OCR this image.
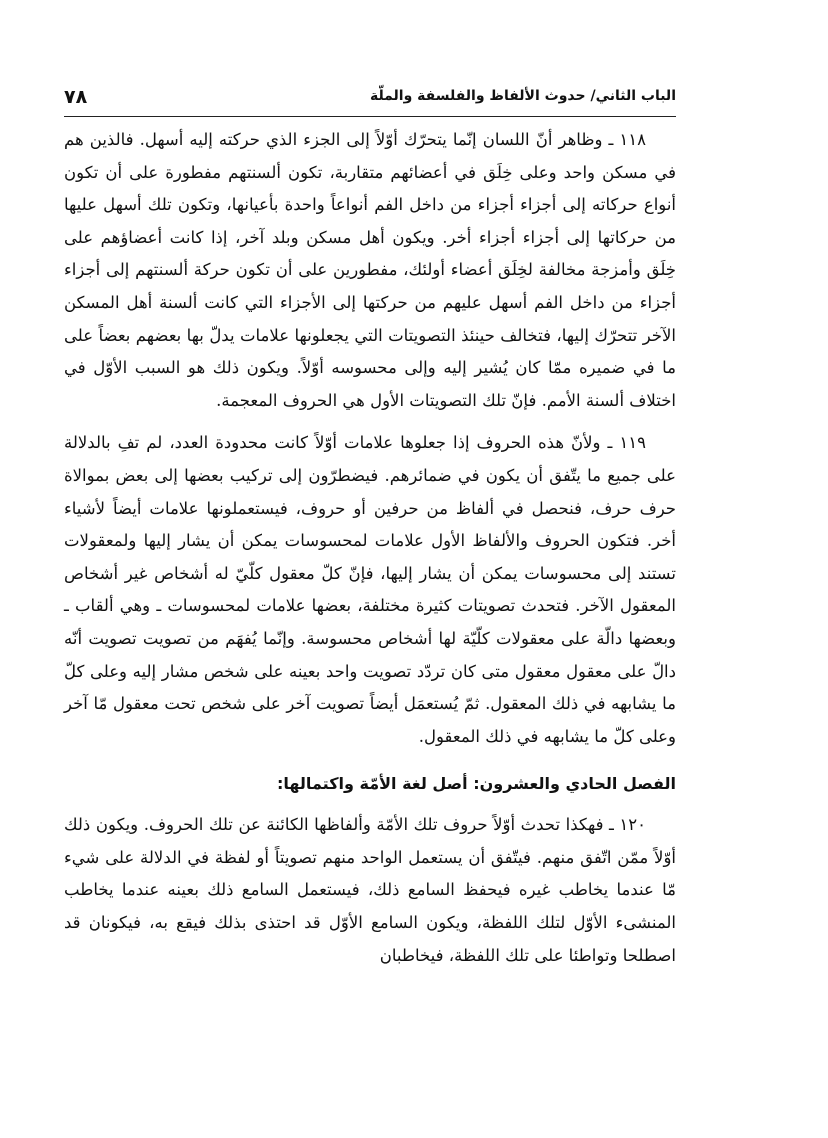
٧٨	الباب الثاني/ حدوث الألفاظ والفلسفة والملّة

١١٨ ـ وظاهر أنّ اللسان إنّما يتحرّك أوّلاً إلى الجزء الذي حركته إليه أسهل. فالذين هم في مسكن واحد وعلى خِلَق في أعضائهم متقاربة، تكون ألسنتهم مفطورة على أن تكون أنواع حركاته إلى أجزاء أجزاء من داخل الفم أنواعاً واحدة بأعيانها، وتكون تلك أسهل عليها من حركاتها إلى أجزاء أجزاء أخر. ويكون أهل مسكن وبلد آخر، إذا كانت أعضاؤهم على خِلَق وأمزجة مخالفة لخِلَق أعضاء أولئك، مفطورين على أن تكون حركة ألسنتهم إلى أجزاء أجزاء من داخل الفم أسهل عليهم من حركتها إلى الأجزاء التي كانت ألسنة أهل المسكن الآخر تتحرّك إليها، فتخالف حينئذ التصويتات التي يجعلونها علامات يدلّ بها بعضهم بعضاً على ما في ضميره ممّا كان يُشير إليه وإلى محسوسه أوّلاً. ويكون ذلك هو السبب الأوّل في اختلاف ألسنة الأمم. فإنّ تلك التصويتات الأول هي الحروف المعجمة.

١١٩ ـ ولأنّ هذه الحروف إذا جعلوها علامات أوّلاً كانت محدودة العدد، لم تفِ بالدلالة على جميع ما يتّفق أن يكون في ضمائرهم. فيضطرّون إلى تركيب بعضها إلى بعض بموالاة حرف حرف، فنحصل في ألفاظ من حرفين أو حروف، فيستعملونها علامات أيضاً لأشياء أخر. فتكون الحروف والألفاظ الأول علامات لمحسوسات يمكن أن يشار إليها ولمعقولات تستند إلى محسوسات يمكن أن يشار إليها، فإنّ كلّ معقول كلّيّ له أشخاص غير أشخاص المعقول الآخر. فتحدث تصويتات كثيرة مختلفة، بعضها علامات لمحسوسات ـ وهي ألقاب ـ وبعضها دالّة على معقولات كلّيّة لها أشخاص محسوسة. وإنّما يُفهَم من تصويت تصويت أنّه دالّ على معقول معقول متى كان تردّد تصويت واحد بعينه على شخص مشار إليه وعلى كلّ ما يشابهه في ذلك المعقول. ثمّ يُستعمَل أيضاً تصويت آخر على شخص تحت معقول مّا آخر وعلى كلّ ما يشابهه في ذلك المعقول.

الفصل الحادي والعشرون: أصل لغة الأمّة واكتمالها:

١٢٠ ـ فهكذا تحدث أوّلاً حروف تلك الأمّة وألفاظها الكائنة عن تلك الحروف. ويكون ذلك أوّلاً ممّن اتّفق منهم. فيتّفق أن يستعمل الواحد منهم تصويتاً أو لفظة في الدلالة على شيء مّا عندما يخاطب غيره فيحفظ السامع ذلك، فيستعمل السامع ذلك بعينه عندما يخاطب المنشىء الأوّل لتلك اللفظة، ويكون السامع الأوّل قد احتذى بذلك فيقع به، فيكونان قد اصطلحا وتواطئا على تلك اللفظة، فيخاطبان
